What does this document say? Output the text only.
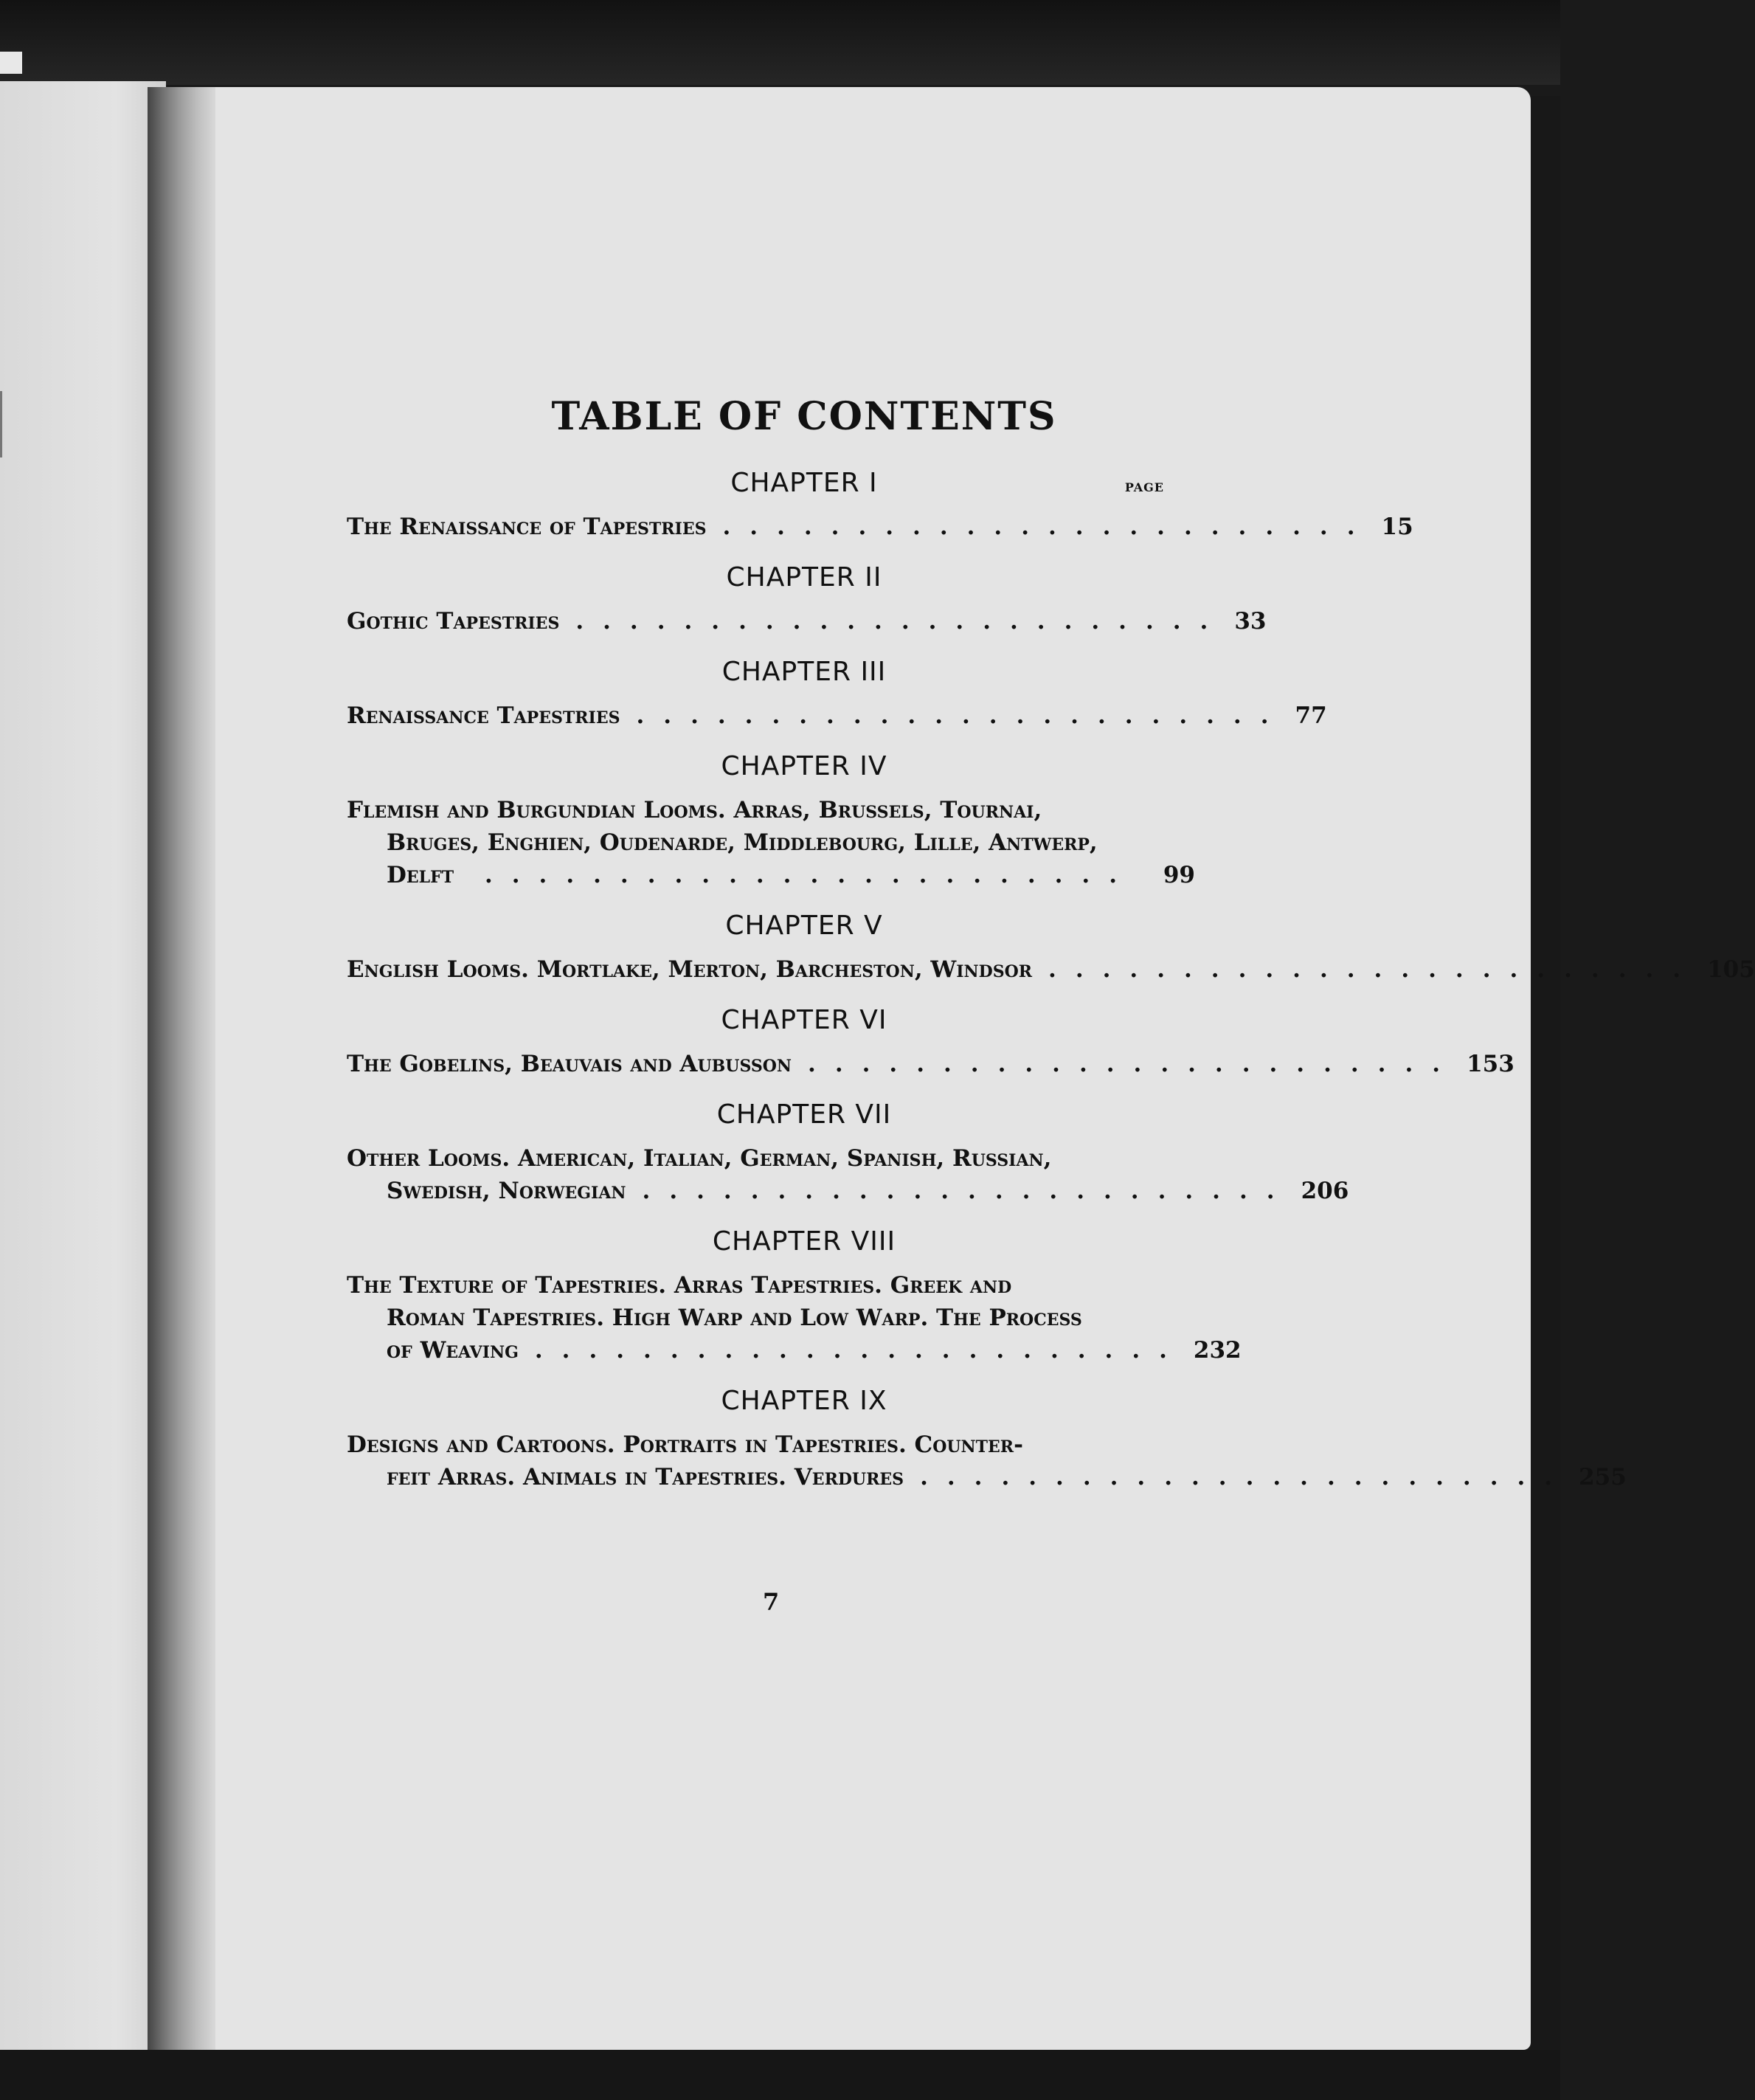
TABLE OF CONTENTS
CHAPTER I	PAGE
The Renaissance of Tapestries ........................ 15
CHAPTER II
Gothic Tapestries ........................ 33
CHAPTER III
Renaissance Tapestries ........................ 77
CHAPTER IV
Flemish and Burgundian Looms. Arras, Brussels, Tournai,
Bruges, Enghien, Oudenarde, Middlebourg, Lille, Antwerp,
Delft	........................	99
CHAPTER V
English Looms. Mortlake, Merton, Barcheston, Windsor ........................ 105
CHAPTER VI
The Gobelins, Beauvais and Aubusson ........................ 153
CHAPTER VII
Other Looms. American, Italian, German, Spanish, Russian,
Swedish, Norwegian ........................ 206
CHAPTER VIII
The Texture of Tapestries. Arras Tapestries. Greek and
Roman Tapestries. High Warp and Low Warp. The Process
of Weaving ........................ 232
CHAPTER IX
Designs and Cartoons. Portraits in Tapestries. Counter-
feit Arras. Animals in Tapestries. Verdures ........................ 255
7
